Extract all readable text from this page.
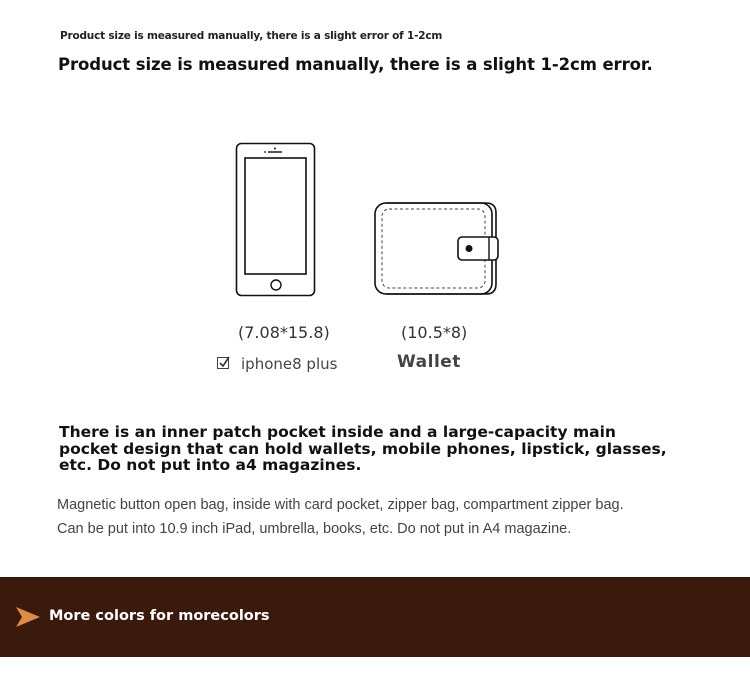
Product size is measured manually, there is a slight error of 1-2cm
Product size is measured manually, there is a slight 1-2cm error.
(7.08*15.8)	(10.5*8)
iphone8 plus	Wallet
There is an inner patch pocket inside and a large-capacity main pocket design that can hold wallets, mobile phones, lipstick, glasses, etc. Do not put into a4 magazines.
Magnetic button open bag, inside with card pocket, zipper bag, compartment zipper bag.
Can be put into 10.9 inch iPad, umbrella, books, etc. Do not put in A4 magazine.
More colors for morecolors
